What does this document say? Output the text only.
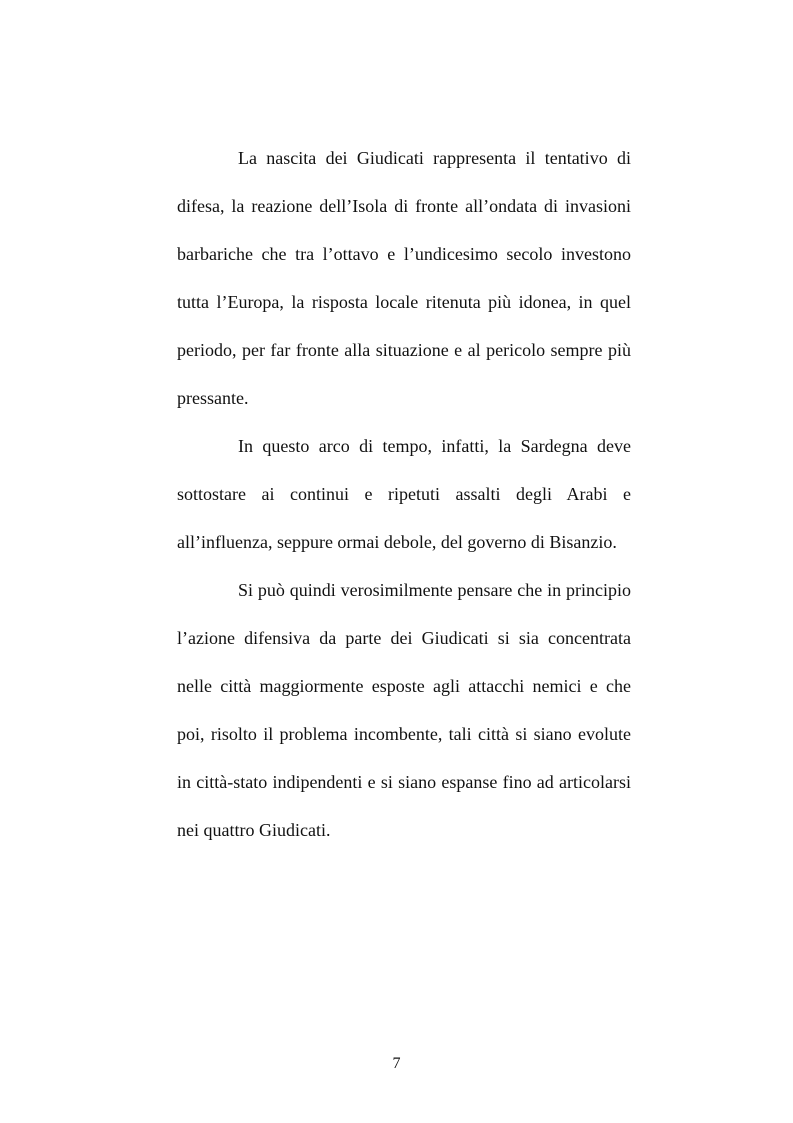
La nascita dei Giudicati rappresenta il tentativo di difesa, la reazione dell’Isola di fronte all’ondata di invasioni barbariche che tra l’ottavo e l’undicesimo secolo investono tutta l’Europa, la risposta locale ritenuta più idonea, in quel periodo, per far fronte alla situazione e al pericolo sempre più pressante.

In questo arco di tempo, infatti, la Sardegna deve sottostare ai continui e ripetuti assalti degli Arabi e all’influenza, seppure ormai debole, del governo di Bisanzio.

Si può quindi verosimilmente pensare che in principio l’azione difensiva da parte dei Giudicati si sia concentrata nelle città maggiormente esposte agli attacchi nemici e che poi, risolto il problema incombente, tali città si siano evolute in città-stato indipendenti e si siano espanse fino ad articolarsi nei quattro Giudicati.

7
